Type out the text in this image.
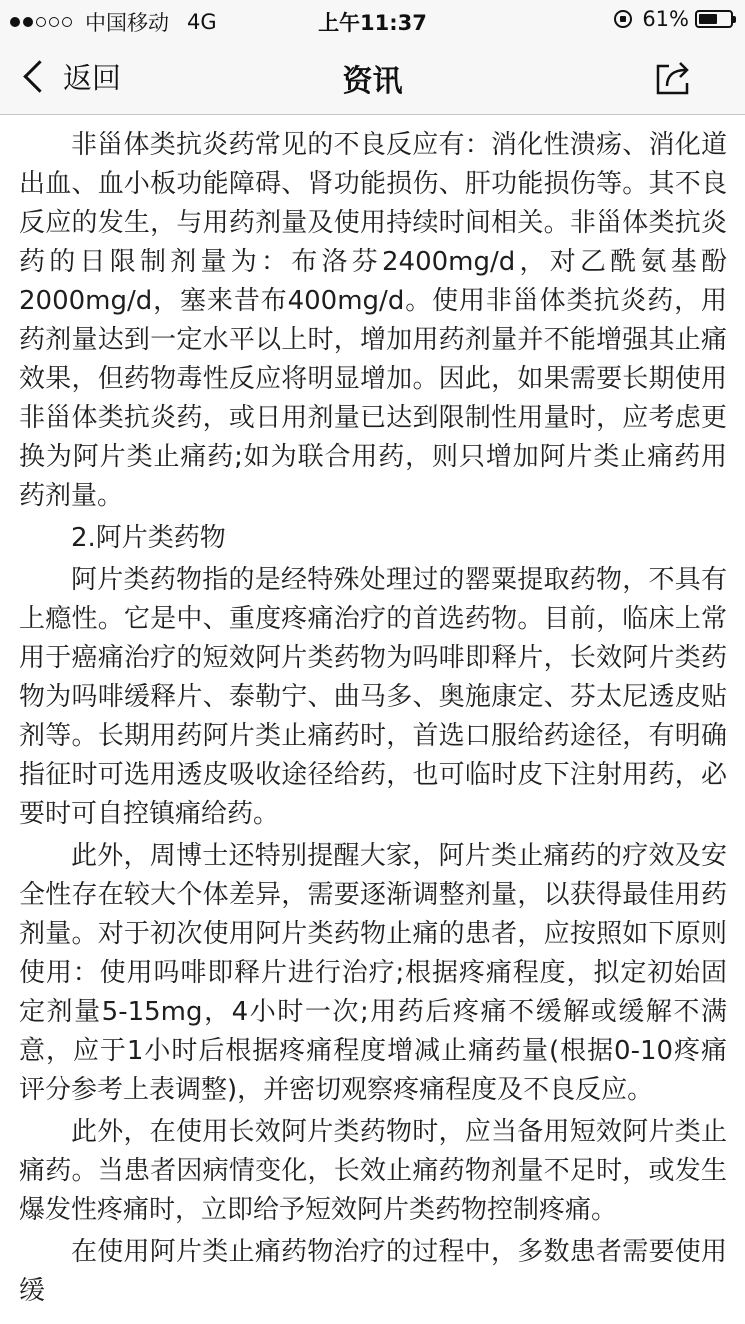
中国移动 4G	上午11:37	61%
返回	资讯

非甾体类抗炎药常见的不良反应有：消化性溃疡、消化道出血、血小板功能障碍、肾功能损伤、肝功能损伤等。其不良反应的发生，与用药剂量及使用持续时间相关。非甾体类抗炎药的日限制剂量为：布洛芬2400mg/d，对乙酰氨基酚2000mg/d，塞来昔布400mg/d。使用非甾体类抗炎药，用药剂量达到一定水平以上时，增加用药剂量并不能增强其止痛效果，但药物毒性反应将明显增加。因此，如果需要长期使用非甾体类抗炎药，或日用剂量已达到限制性用量时，应考虑更换为阿片类止痛药;如为联合用药，则只增加阿片类止痛药用药剂量。

2.阿片类药物

阿片类药物指的是经特殊处理过的罂粟提取药物，不具有上瘾性。它是中、重度疼痛治疗的首选药物。目前，临床上常用于癌痛治疗的短效阿片类药物为吗啡即释片，长效阿片类药物为吗啡缓释片、泰勒宁、曲马多、奥施康定、芬太尼透皮贴剂等。长期用药阿片类止痛药时，首选口服给药途径，有明确指征时可选用透皮吸收途径给药，也可临时皮下注射用药，必要时可自控镇痛给药。

此外，周博士还特别提醒大家，阿片类止痛药的疗效及安全性存在较大个体差异，需要逐渐调整剂量，以获得最佳用药剂量。对于初次使用阿片类药物止痛的患者，应按照如下原则使用：使用吗啡即释片进行治疗;根据疼痛程度，拟定初始固定剂量5-15mg，4小时一次;用药后疼痛不缓解或缓解不满意，应于1小时后根据疼痛程度增减止痛药量(根据0-10疼痛评分参考上表调整)，并密切观察疼痛程度及不良反应。

此外，在使用长效阿片类药物时，应当备用短效阿片类止痛药。当患者因病情变化，长效止痛药物剂量不足时，或发生爆发性疼痛时，立即给予短效阿片类药物控制疼痛。

在使用阿片类止痛药物治疗的过程中，多数患者需要使用缓
